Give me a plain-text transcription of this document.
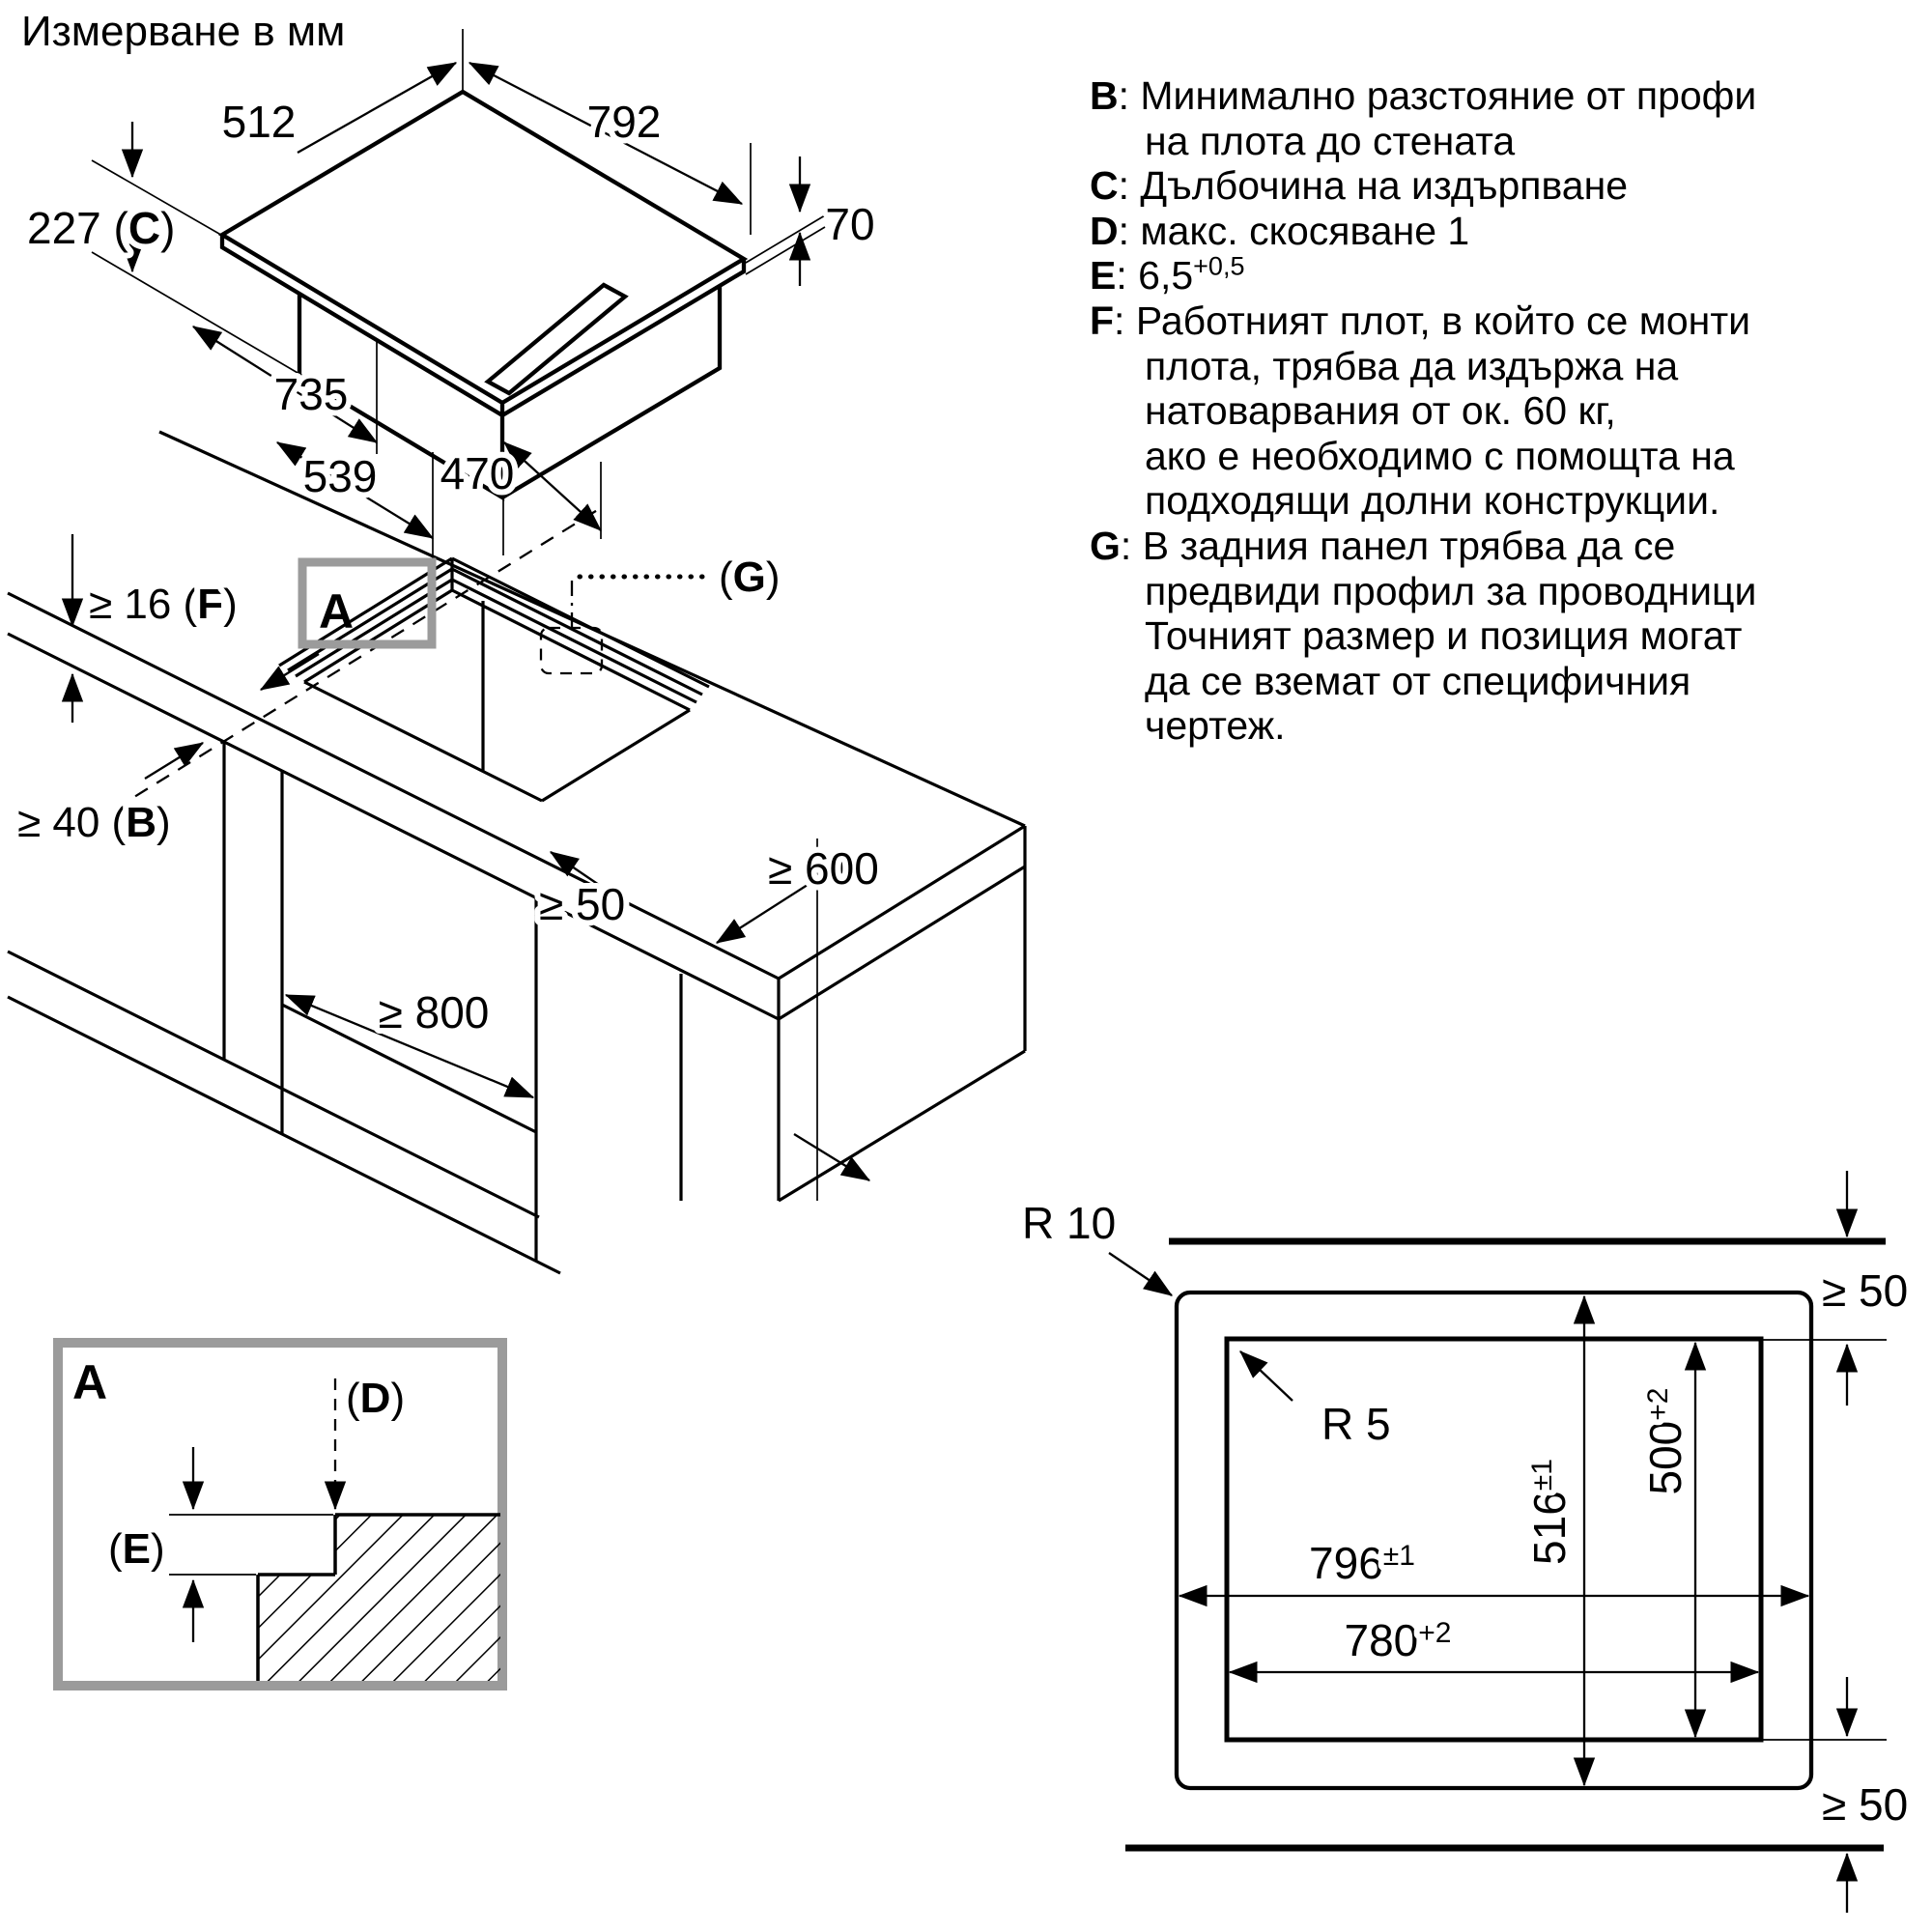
512	792
227 (C)
735
539 470
70
≥ 16 (F)
≥ 40 (B)
A
(G)
≥ 50
≥ 600
≥ 800
A	(D)
(E)
R 10
R 5
$516^{\pm 1}$	$500^{+2}$
$796^{\pm 1}$
$780^{+2}$
≥ 50
≥ 50
Измерване в мм
B: Минимално разстояние от профи
на плота до стената
C: Дълбочина на издърпване
D: макс. скосяване 1
E: $6,5^{+0,5}$
F: Работният плот, в който се монти
плота, трябва да издържа на
натоварвания от ок. 60 кг,
ако е необходимо с помощта на
подходящи долни конструкции.
G: В задния панел трябва да се
предвиди профил за проводници
Точният размер и позиция могат
да се вземат от специфичния
чертеж.
